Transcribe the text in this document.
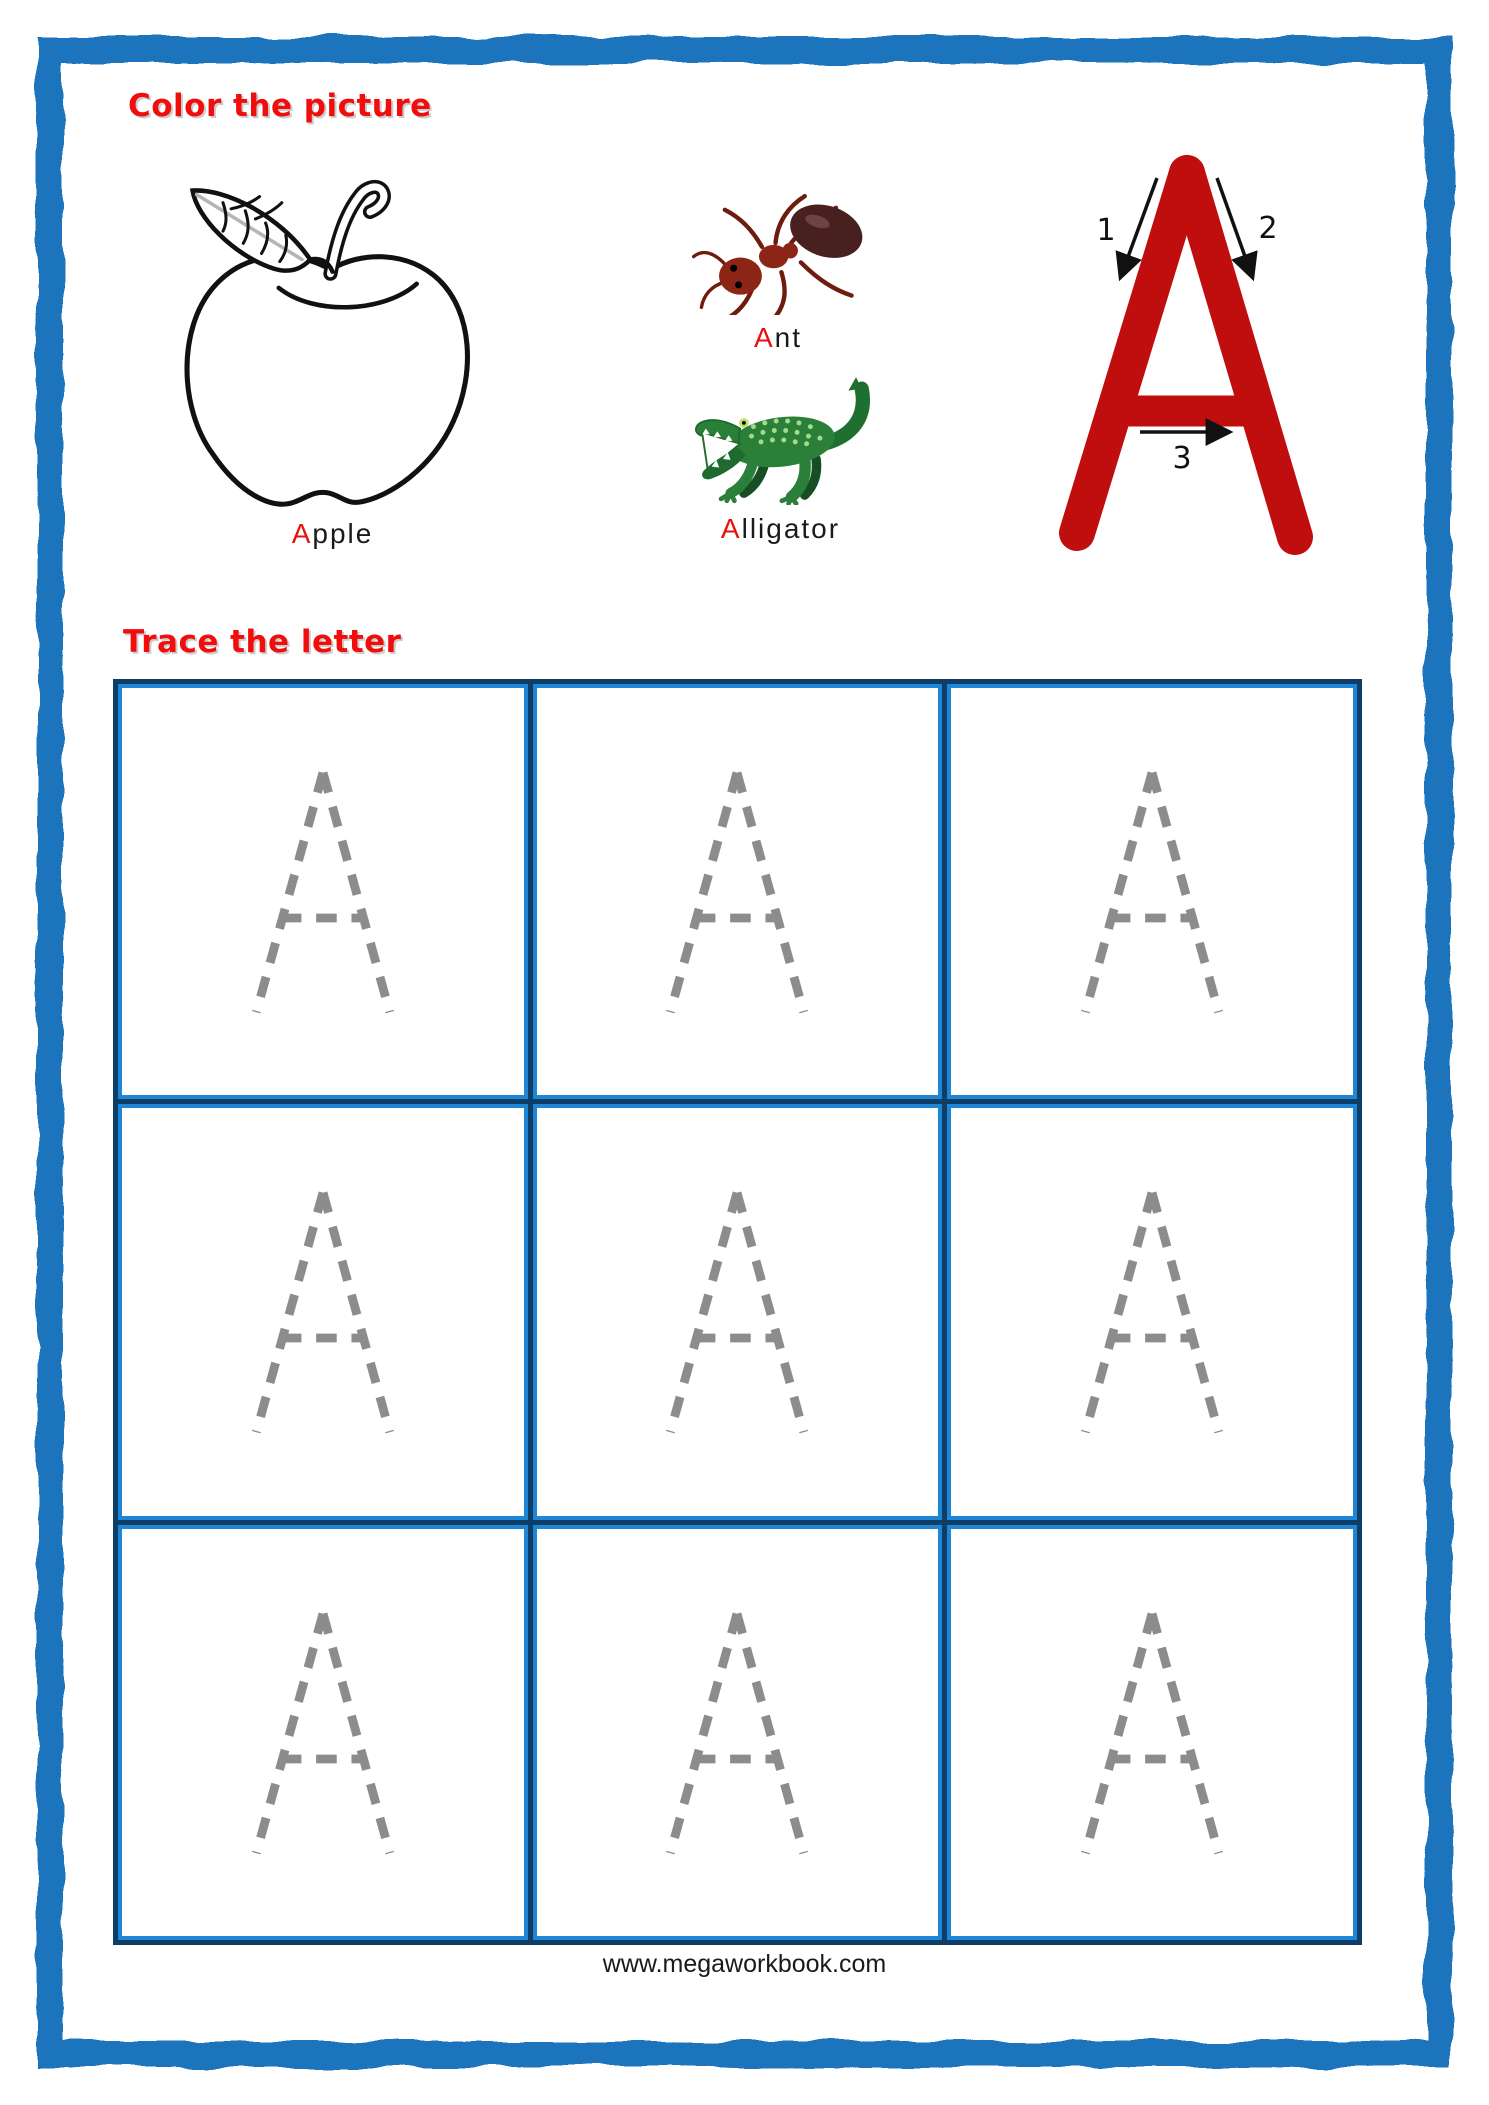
Color the picture
Apple
Ant
Alligator
1	2
3
Trace the letter
www.megaworkbook.com
